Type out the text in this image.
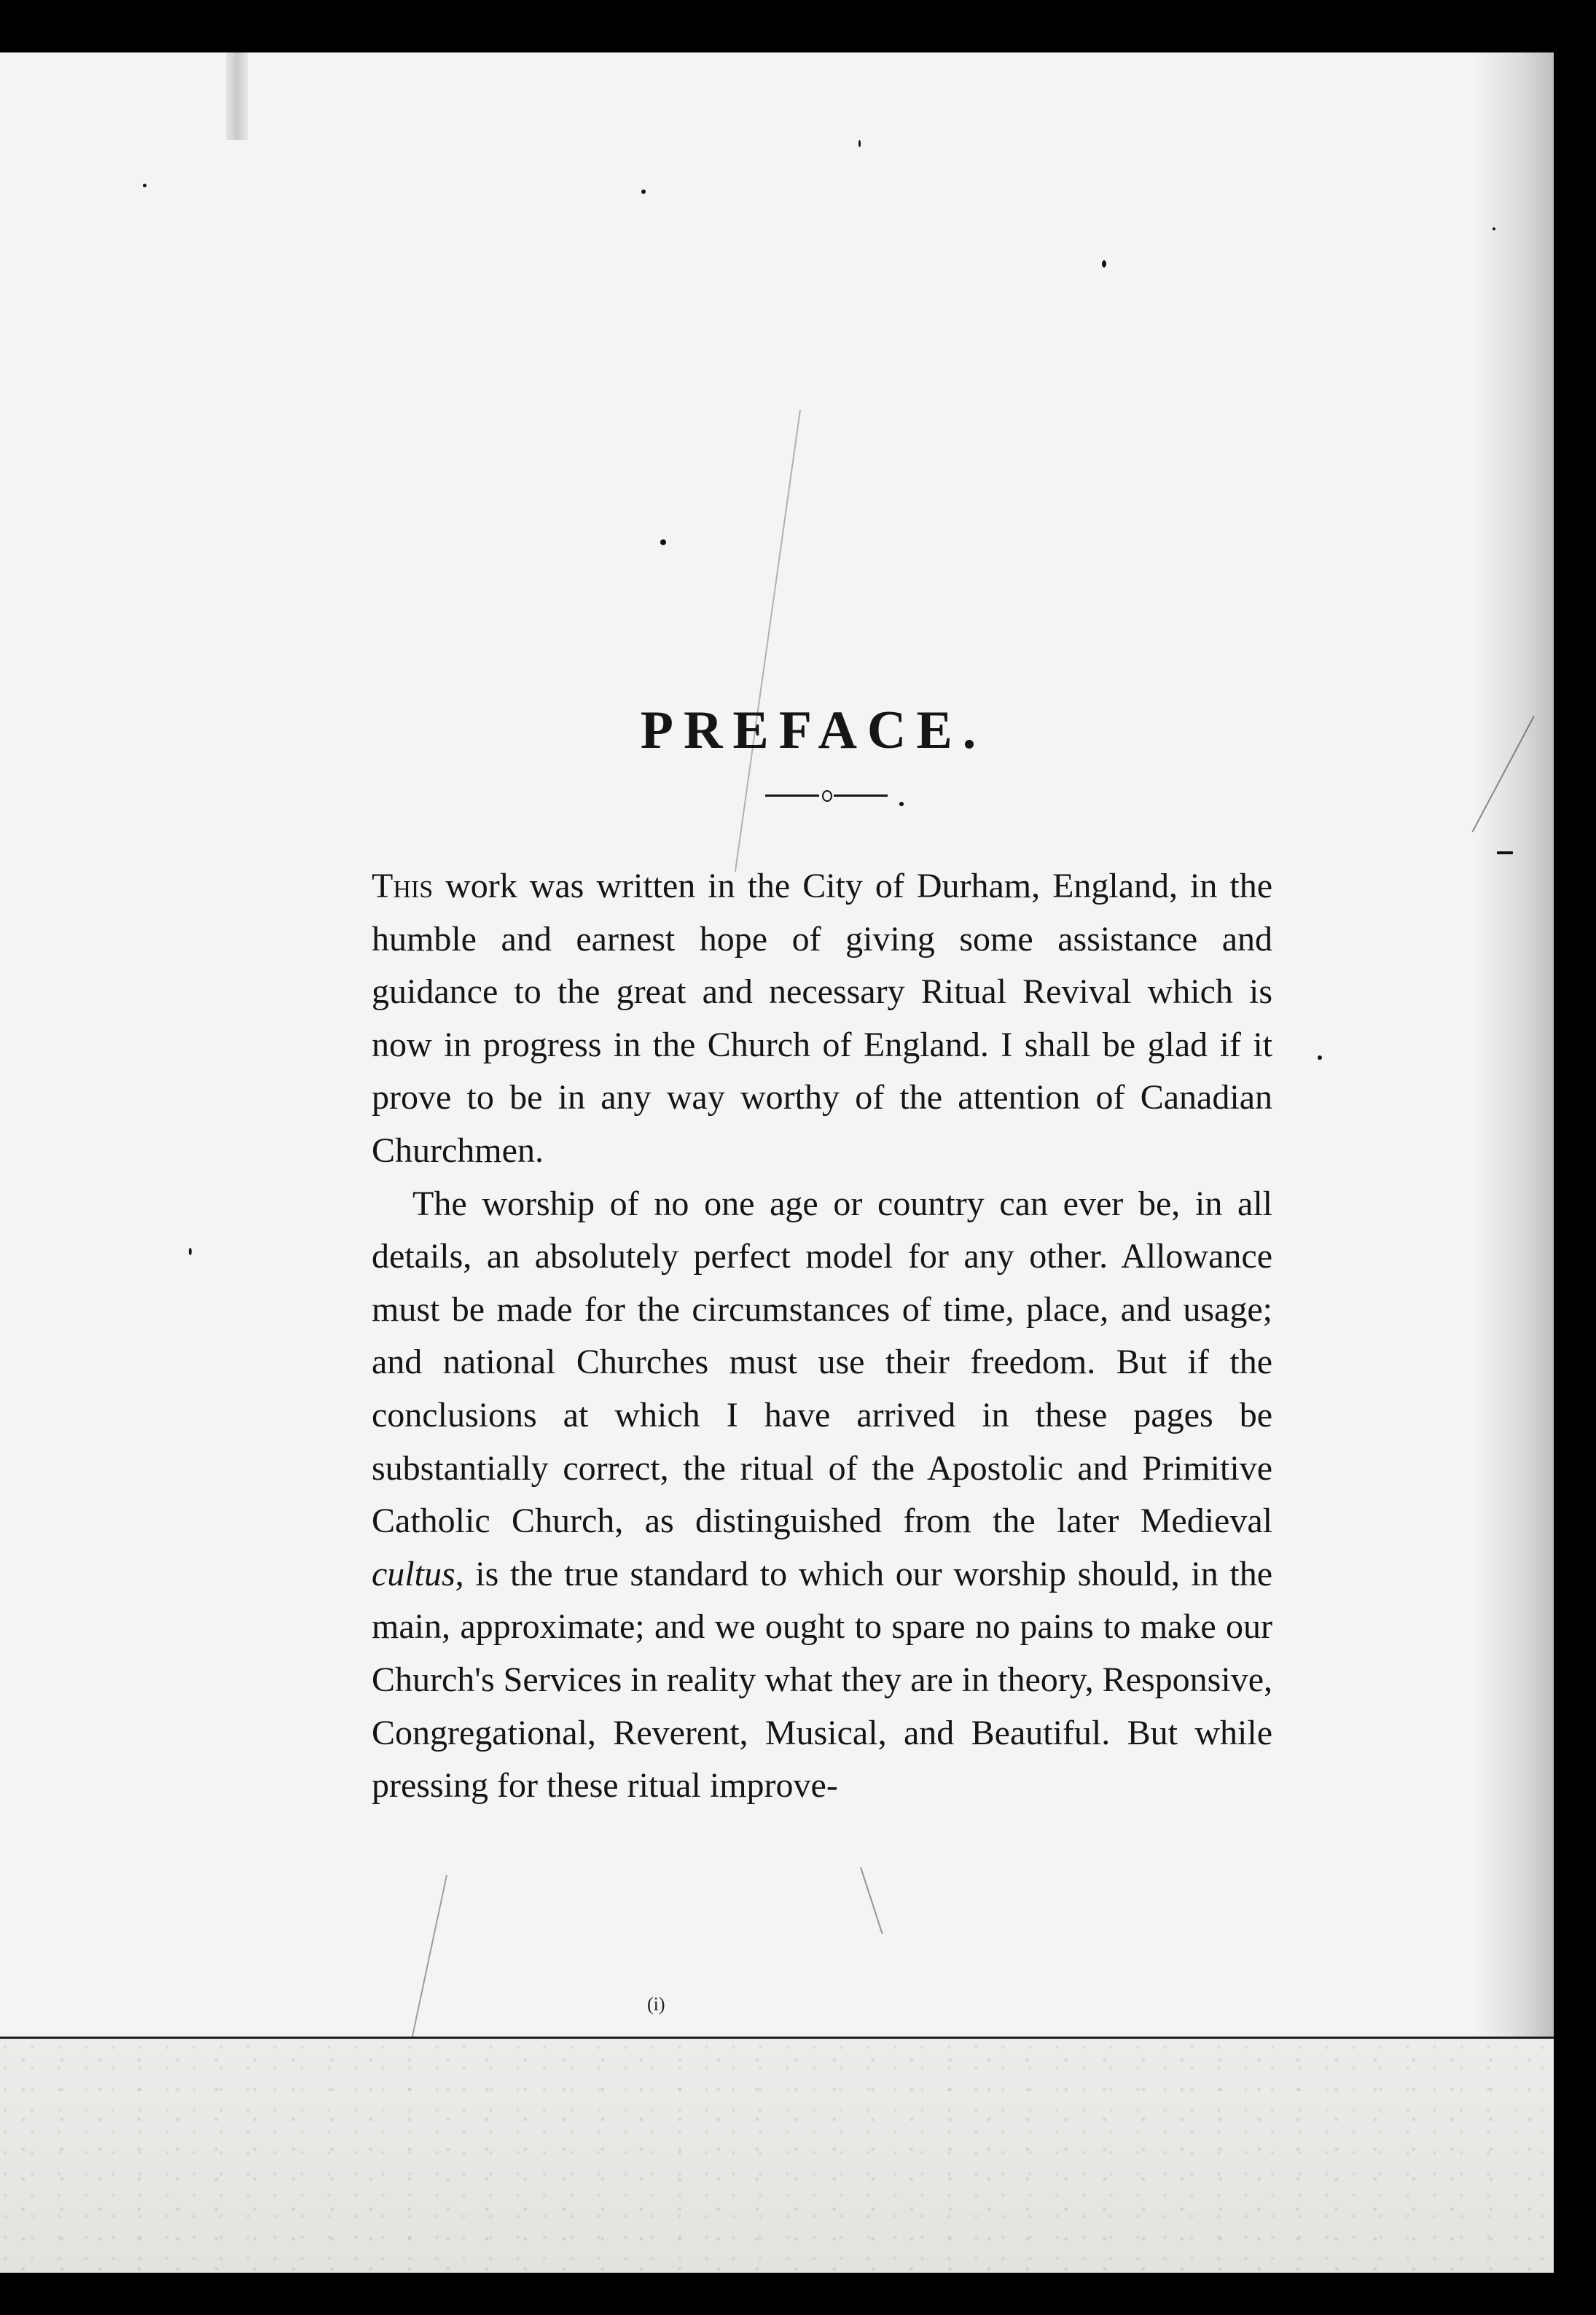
PREFACE.

This work was written in the City of Durham, England, in the humble and earnest hope of giving some assistance and guidance to the great and necessary Ritual Revival which is now in progress in the Church of England. I shall be glad if it prove to be in any way worthy of the attention of Canadian Churchmen.

The worship of no one age or country can ever be, in all details, an absolutely perfect model for any other. Allowance must be made for the circumstances of time, place, and usage; and national Churches must use their freedom. But if the conclusions at which I have arrived in these pages be substantially correct, the ritual of the Apostolic and Primitive Catholic Church, as distinguished from the later Medieval cultus, is the true standard to which our worship should, in the main, approximate; and we ought to spare no pains to make our Church's Services in reality what they are in theory, Responsive, Congregational, Reverent, Musical, and Beautiful. But while pressing for these ritual improve-

(i)
